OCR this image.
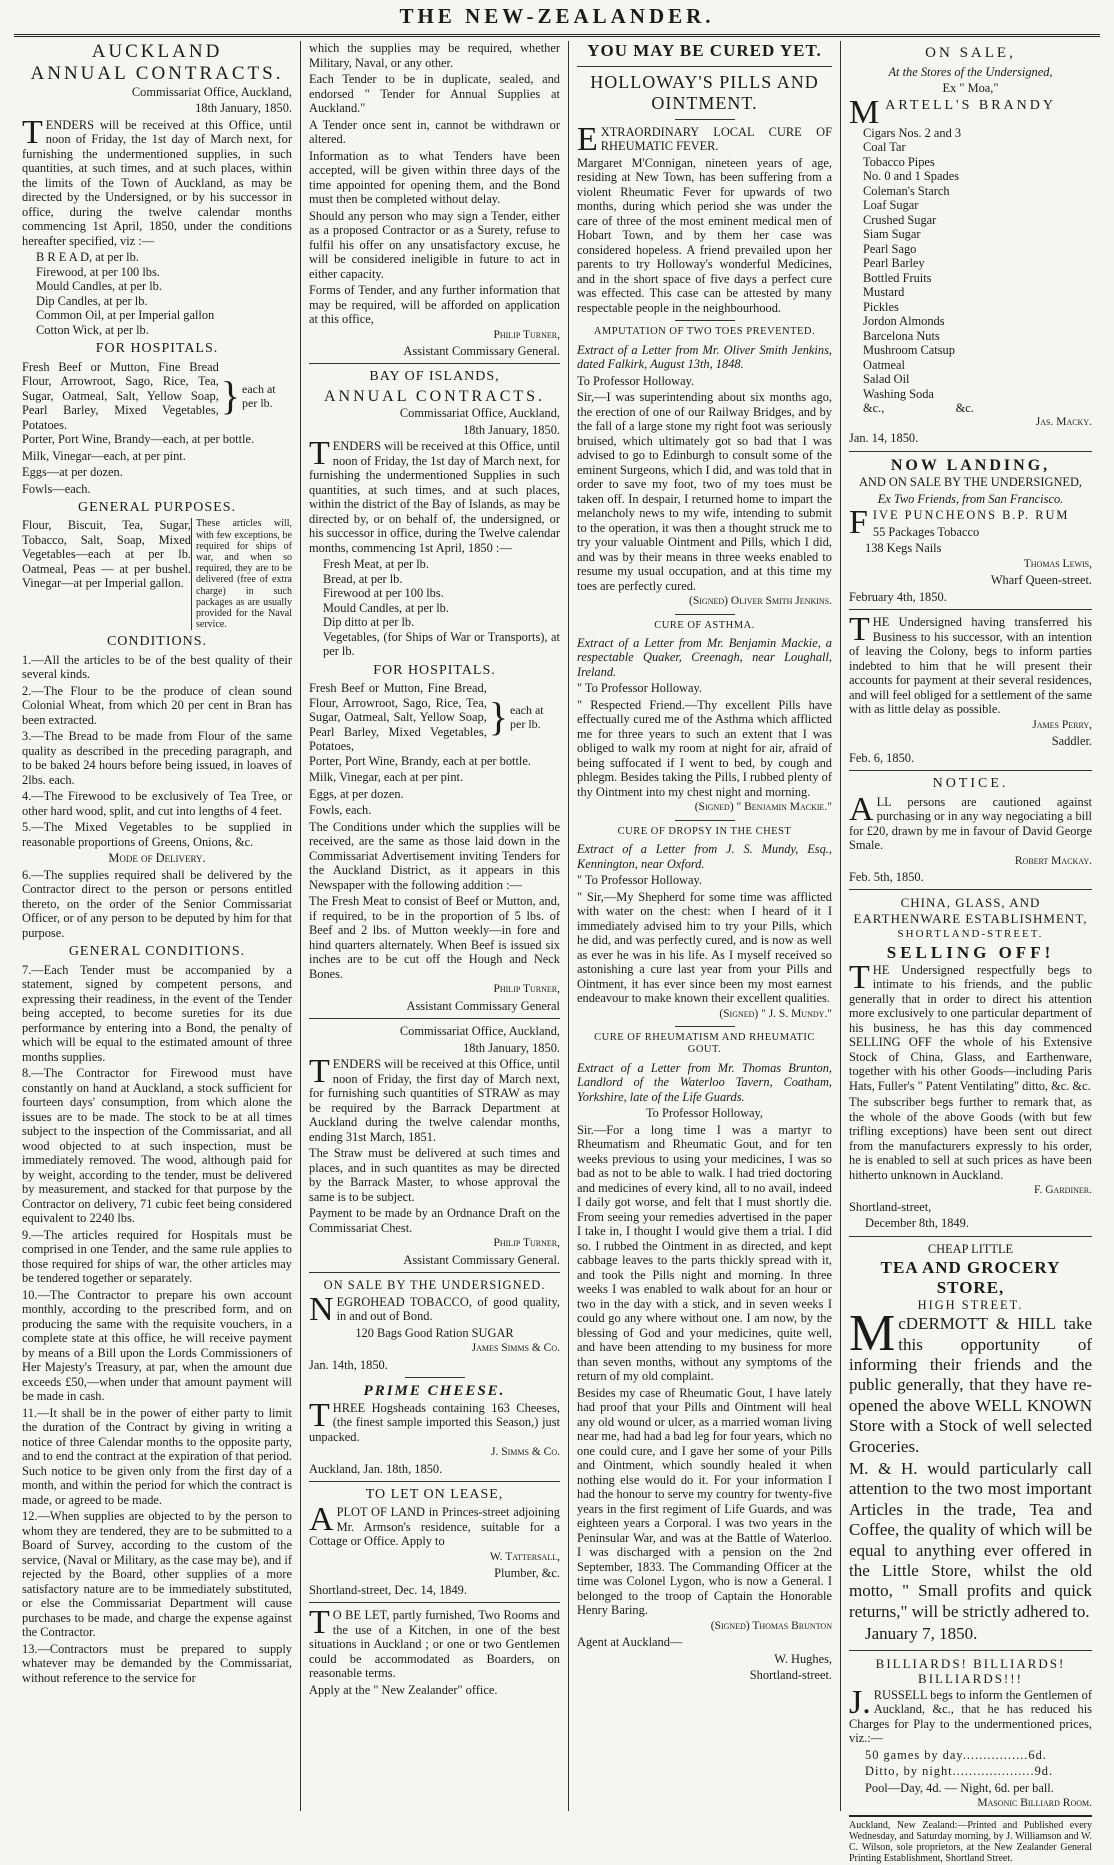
THE NEW-ZEALANDER.
AUCKLAND
ANNUAL CONTRACTS.

Commissariat Office, Auckland,

18th January, 1850.

TENDERS will be received at this Office, until noon of Friday, the 1st day of March next, for furnishing the undermentioned supplies, in such quantities, at such times, and at such places, within the limits of the Town of Auckland, as may be directed by the Undersigned, or by his successor in office, during the twelve calendar months commencing 1st April, 1850, under the conditions hereafter specified, viz :—

B R E A D, at per lb.

Firewood, at per 100 lbs.

Mould Candles, at per lb.

Dip Candles, at per lb.

Common Oil, at per Imperial gallon

Cotton Wick, at per lb.

FOR HOSPITALS.
Fresh Beef or Mutton, Fine Bread Flour, Arrowroot, Sago, Rice, Tea, Sugar, Oatmeal, Salt, Yellow Soap, Pearl Barley, Mixed Vegetables, Potatoes.
} each at per lb.

Porter, Port Wine, Brandy—each, at per bottle.

Milk, Vinegar—each, at per pint.

Eggs—at per dozen.

Fowls—each.

GENERAL PURPOSES.
Flour, Biscuit, Tea, Sugar, Tobacco, Salt, Soap, Mixed Vegetables—each at per lb. Oatmeal, Peas — at per bushel. Vinegar—at per Imperial gallon.
These articles will, with few exceptions, be required for ships of war, and when so required, they are to be delivered (free of extra charge) in such packages as are usually provided for the Naval service.
CONDITIONS.

1.—All the articles to be of the best quality of their several kinds.

2.—The Flour to be the produce of clean sound Colonial Wheat, from which 20 per cent in Bran has been extracted.

3.—The Bread to be made from Flour of the same quality as described in the preceding paragraph, and to be baked 24 hours before being issued, in loaves of 2lbs. each.

4.—The Firewood to be exclusively of Tea Tree, or other hard wood, split, and cut into lengths of 4 feet.

5.—The Mixed Vegetables to be supplied in reasonable proportions of Greens, Onions, &c.

Mode of Delivery.

6.—The supplies required shall be delivered by the Contractor direct to the person or persons entitled thereto, on the order of the Senior Commissariat Officer, or of any person to be deputed by him for that purpose.

GENERAL CONDITIONS.

7.—Each Tender must be accompanied by a statement, signed by competent persons, and expressing their readiness, in the event of the Tender being accepted, to become sureties for its due performance by entering into a Bond, the penalty of which will be equal to the estimated amount of three months supplies.

8.—The Contractor for Firewood must have constantly on hand at Auckland, a stock sufficient for fourteen days' consumption, from which alone the issues are to be made. The stock to be at all times subject to the inspection of the Commissariat, and all wood objected to at such inspection, must be immediately removed. The wood, although paid for by weight, according to the tender, must be delivered by measurement, and stacked for that purpose by the Contractor on delivery, 71 cubic feet being considered equivalent to 2240 lbs.

9.—The articles required for Hospitals must be comprised in one Tender, and the same rule applies to those required for ships of war, the other articles may be tendered together or separately.

10.—The Contractor to prepare his own account monthly, according to the prescribed form, and on producing the same with the requisite vouchers, in a complete state at this office, he will receive payment by means of a Bill upon the Lords Commissioners of Her Majesty's Treasury, at par, when the amount due exceeds £50,—when under that amount payment will be made in cash.

11.—It shall be in the power of either party to limit the duration of the Contract by giving in writing a notice of three Calendar months to the opposite party, and to end the contract at the expiration of that period. Such notice to be given only from the first day of a month, and within the period for which the contract is made, or agreed to be made.

12.—When supplies are objected to by the person to whom they are tendered, they are to be submitted to a Board of Survey, according to the custom of the service, (Naval or Military, as the case may be), and if rejected by the Board, other supplies of a more satisfactory nature are to be immediately substituted, or else the Commissariat Department will cause purchases to be made, and charge the expense against the Contractor.

13.—Contractors must be prepared to supply whatever may be demanded by the Commissariat, without reference to the service for

which the supplies may be required, whether Military, Naval, or any other.

Each Tender to be in duplicate, sealed, and endorsed " Tender for Annual Supplies at Auckland."

A Tender once sent in, cannot be withdrawn or altered.

Information as to what Tenders have been accepted, will be given within three days of the time appointed for opening them, and the Bond must then be completed without delay.

Should any person who may sign a Tender, either as a proposed Contractor or as a Surety, refuse to fulfil his offer on any unsatisfactory excuse, he will be considered ineligible in future to act in either capacity.

Forms of Tender, and any further information that may be required, will be afforded on application at this office,

Philip Turner,

Assistant Commissary General.

BAY OF ISLANDS,
ANNUAL CONTRACTS.

Commissariat Office, Auckland,

18th January, 1850.

TENDERS will be received at this Office, until noon of Friday, the 1st day of March next, for furnishing the undermentioned Supplies in such quantities, at such times, and at such places, within the district of the Bay of Islands, as may be directed by, or on behalf of, the undersigned, or his successor in office, during the Twelve calendar months, commencing 1st April, 1850 :—

Fresh Meat, at per lb.

Bread, at per lb.

Firewood at per 100 lbs.

Mould Candles, at per lb.

Dip ditto at per lb.

Vegetables, (for Ships of War or Transports), at per lb.

FOR HOSPITALS.
Fresh Beef or Mutton, Fine Bread, Flour, Arrowroot, Sago, Rice, Tea, Sugar, Oatmeal, Salt, Yellow Soap, Pearl Barley, Mixed Vegetables, Potatoes,
} each at per lb.

Porter, Port Wine, Brandy, each at per bottle.

Milk, Vinegar, each at per pint.

Eggs, at per dozen.

Fowls, each.

The Conditions under which the supplies will be received, are the same as those laid down in the Commissariat Advertisement inviting Tenders for the Auckland District, as it appears in this Newspaper with the following addition :—

The Fresh Meat to consist of Beef or Mutton, and, if required, to be in the proportion of 5 lbs. of Beef and 2 lbs. of Mutton weekly—in fore and hind quarters alternately. When Beef is issued six inches are to be cut off the Hough and Neck Bones.

Philip Turner,

Assistant Commissary General

Commissariat Office, Auckland,

18th January, 1850.

TENDERS will be received at this Office, until noon of Friday, the first day of March next, for furnishing such quantities of STRAW as may be required by the Barrack Department at Auckland during the twelve calendar months, ending 31st March, 1851.

The Straw must be delivered at such times and places, and in such quantites as may be directed by the Barrack Master, to whose approval the same is to be subject.

Payment to be made by an Ordnance Draft on the Commissariat Chest.

Philip Turner,

Assistant Commissary General.

ON SALE BY THE UNDERSIGNED.

NEGROHEAD TOBACCO, of good quality, in and out of Bond.

120 Bags Good Ration SUGAR

James Simms & Co.

Jan. 14th, 1850.

PRIME CHEESE.

THREE Hogsheads containing 163 Cheeses, (the finest sample imported this Season,) just unpacked.

J. Simms & Co.

Auckland, Jan. 18th, 1850.

TO LET ON LEASE,

APLOT OF LAND in Princes-street adjoining Mr. Armson's residence, suitable for a Cottage or Office. Apply to

W. Tattersall,

Plumber, &c.

Shortland-street, Dec. 14, 1849.

TO BE LET, partly furnished, Two Rooms and the use of a Kitchen, in one of the best situations in Auckland ; or one or two Gentlemen could be accommodated as Boarders, on reasonable terms.

Apply at the " New Zealander" office.

YOU MAY BE CURED YET.
HOLLOWAY'S PILLS AND OINTMENT.

EXTRAORDINARY LOCAL CURE OF RHEUMATIC FEVER.

Margaret M'Connigan, nineteen years of age, residing at New Town, has been suffering from a violent Rheumatic Fever for upwards of two months, during which period she was under the care of three of the most eminent medical men of Hobart Town, and by them her case was considered hopeless. A friend prevailed upon her parents to try Holloway's wonderful Medicines, and in the short space of five days a perfect cure was effected. This case can be attested by many respectable people in the neighbourhood.

AMPUTATION OF TWO TOES PREVENTED.

Extract of a Letter from Mr. Oliver Smith Jenkins, dated Falkirk, August 13th, 1848.

To Professor Holloway.

Sir,—I was superintending about six months ago, the erection of one of our Railway Bridges, and by the fall of a large stone my right foot was seriously bruised, which ultimately got so bad that I was advised to go to Edinburgh to consult some of the eminent Surgeons, which I did, and was told that in order to save my foot, two of my toes must be taken off. In despair, I returned home to impart the melancholy news to my wife, intending to submit to the operation, it was then a thought struck me to try your valuable Ointment and Pills, which I did, and was by their means in three weeks enabled to resume my usual occupation, and at this time my toes are perfectly cured.

(Signed) Oliver Smith Jenkins.

CURE OF ASTHMA.

Extract of a Letter from Mr. Benjamin Mackie, a respectable Quaker, Creenagh, near Loughall, Ireland.

" To Professor Holloway.

" Respected Friend.—Thy excellent Pills have effectually cured me of the Asthma which afflicted me for three years to such an extent that I was obliged to walk my room at night for air, afraid of being suffocated if I went to bed, by cough and phlegm. Besides taking the Pills, I rubbed plenty of thy Ointment into my chest night and morning.

(Signed) " Benjamin Mackie."

CURE OF DROPSY IN THE CHEST

Extract of a Letter from J. S. Mundy, Esq., Kennington, near Oxford.

" To Professor Holloway.

" Sir,—My Shepherd for some time was afflicted with water on the chest: when I heard of it I immediately advised him to try your Pills, which he did, and was perfectly cured, and is now as well as ever he was in his life. As I myself received so astonishing a cure last year from your Pills and Ointment, it has ever since been my most earnest endeavour to make known their excellent qualities.

(Signed) " J. S. Mundy."

CURE OF RHEUMATISM AND RHEUMATIC GOUT.

Extract of a Letter from Mr. Thomas Brunton, Landlord of the Waterloo Tavern, Coatham, Yorkshire, late of the Life Guards.

To Professor Holloway,

Sir.—For a long time I was a martyr to Rheumatism and Rheumatic Gout, and for ten weeks previous to using your medicines, I was so bad as not to be able to walk. I had tried doctoring and medicines of every kind, all to no avail, indeed I daily got worse, and felt that I must shortly die. From seeing your remedies advertised in the paper I take in, I thought I would give them a trial. I did so. I rubbed the Ointment in as directed, and kept cabbage leaves to the parts thickly spread with it, and took the Pills night and morning. In three weeks I was enabled to walk about for an hour or two in the day with a stick, and in seven weeks I could go any where without one. I am now, by the blessing of God and your medicines, quite well, and have been attending to my business for more than seven months, without any symptoms of the return of my old complaint.

Besides my case of Rheumatic Gout, I have lately had proof that your Pills and Ointment will heal any old wound or ulcer, as a married woman living near me, had had a bad leg for four years, which no one could cure, and I gave her some of your Pills and Ointment, which soundly healed it when nothing else would do it. For your information I had the honour to serve my country for twenty-five years in the first regiment of Life Guards, and was eighteen years a Corporal. I was two years in the Peninsular War, and was at the Battle of Waterloo. I was discharged with a pension on the 2nd September, 1833. The Commanding Officer at the time was Colonel Lygon, who is now a General. I belonged to the troop of Captain the Honorable Henry Baring.

(Signed) Thomas Brunton

Agent at Auckland—

W. Hughes,

Shortland-street.

ON SALE,

At the Stores of the Undersigned,

Ex " Moa,"

MARTELL'S BRANDY

Cigars Nos. 2 and 3

Coal Tar

Tobacco Pipes

No. 0 and 1 Spades

Coleman's Starch

Loaf Sugar

Crushed Sugar

Siam Sugar

Pearl Sago

Pearl Barley

Bottled Fruits

Mustard

Pickles

Jordon Almonds

Barcelona Nuts

Mushroom Catsup

Oatmeal

Salad Oil

Washing Soda

&c.,                       &c.

Jas. Macky.

Jan. 14, 1850.

NOW LANDING,

AND ON SALE BY THE UNDERSIGNED,

Ex Two Friends, from San Francisco.

FIVE PUNCHEONS B.P. RUM

55 Packages Tobacco

138 Kegs Nails

Thomas Lewis,

Wharf Queen-street.

February 4th, 1850.

THE Undersigned having transferred his Business to his successor, with an intention of leaving the Colony, begs to inform parties indebted to him that he will present their accounts for payment at their several residences, and will feel obliged for a settlement of the same with as little delay as possible.

James Perry,

Saddler.

Feb. 6, 1850.

NOTICE.

ALL persons are cautioned against purchasing or in any way negociating a bill for £20, drawn by me in favour of David George Smale.

Robert Mackay.

Feb. 5th, 1850.

CHINA, GLASS, AND EARTHENWARE ESTABLISHMENT,

SHORTLAND-STREET.

SELLING OFF!

THE Undersigned respectfully begs to intimate to his friends, and the public generally that in order to direct his attention more exclusively to one particular department of his business, he has this day commenced SELLING OFF the whole of his Extensive Stock of China, Glass, and Earthenware, together with his other Goods—including Paris Hats, Fuller's " Patent Ventilating" ditto, &c. &c.

The subscriber begs further to remark that, as the whole of the above Goods (with but few trifling exceptions) have been sent out direct from the manufacturers expressly to his order, he is enabled to sell at such prices as have been hitherto unknown in Auckland.

F. Gardiner.

Shortland-street,

December 8th, 1849.

CHEAP LITTLE

TEA AND GROCERY STORE,

HIGH STREET.

McDERMOTT & HILL take this opportunity of informing their friends and the public generally, that they have re-opened the above WELL KNOWN Store with a Stock of well selected Groceries.

M. & H. would particularly call attention to the two most important Articles in the trade, Tea and Coffee, the quality of which will be equal to anything ever offered in the Little Store, whilst the old motto, " Small profits and quick returns," will be strictly adhered to.

January 7, 1850.

BILLIARDS! BILLIARDS! BILLIARDS!!!

J.RUSSELL begs to inform the Gentlemen of Auckland, &c., that he has reduced his Charges for Play to the undermentioned prices, viz.:—

50 games by day................6d.

Ditto, by night....................9d.

Pool—Day, 4d. — Night, 6d. per ball.

Masonic Billiard Room.

Auckland, New Zealand:—Printed and Published every Wednesday, and Saturday morning, by J. Williamson and W. C. Wilson, sole proprietors, at the New Zealander General Printing Establishment, Shortland Street.
